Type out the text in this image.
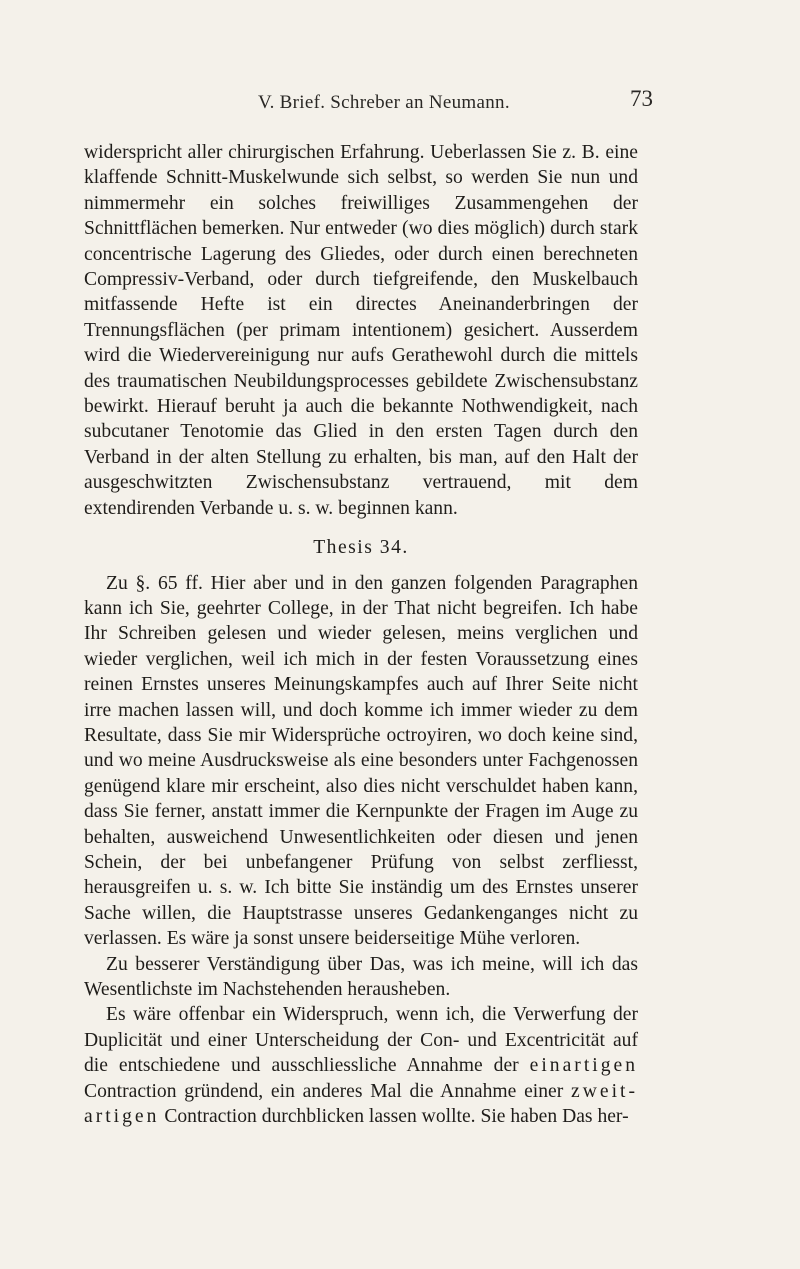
V. Brief. Schreber an Neumann.	73

widerspricht aller chirurgischen Erfahrung. Ueberlassen Sie z. B. eine klaffende Schnitt-Muskelwunde sich selbst, so werden Sie nun und nimmermehr ein solches freiwilliges Zusammengehen der Schnittflächen bemerken. Nur entweder (wo dies möglich) durch stark concentrische Lagerung des Gliedes, oder durch einen berechneten Compressiv-Verband, oder durch tiefgreifende, den Muskelbauch mitfassende Hefte ist ein directes Aneinanderbringen der Trennungsflächen (per primam intentionem) gesichert. Ausserdem wird die Wiedervereinigung nur aufs Gerathewohl durch die mittels des traumatischen Neubildungsprocesses gebildete Zwischensubstanz bewirkt. Hierauf beruht ja auch die bekannte Nothwendigkeit, nach subcutaner Tenotomie das Glied in den ersten Tagen durch den Verband in der alten Stellung zu erhalten, bis man, auf den Halt der ausgeschwitzten Zwischensubstanz vertrauend, mit dem extendirenden Verbande u. s. w. beginnen kann.

Thesis 34.

Zu §. 65 ff. Hier aber und in den ganzen folgenden Paragraphen kann ich Sie, geehrter College, in der That nicht begreifen. Ich habe Ihr Schreiben gelesen und wieder gelesen, meins verglichen und wieder verglichen, weil ich mich in der festen Voraussetzung eines reinen Ernstes unseres Meinungskampfes auch auf Ihrer Seite nicht irre machen lassen will, und doch komme ich immer wieder zu dem Resultate, dass Sie mir Widersprüche octroyiren, wo doch keine sind, und wo meine Ausdrucksweise als eine besonders unter Fachgenossen genügend klare mir erscheint, also dies nicht verschuldet haben kann, dass Sie ferner, anstatt immer die Kernpunkte der Fragen im Auge zu behalten, ausweichend Unwesentlichkeiten oder diesen und jenen Schein, der bei unbefangener Prüfung von selbst zerfliesst, herausgreifen u. s. w. Ich bitte Sie inständig um des Ernstes unserer Sache willen, die Hauptstrasse unseres Gedankenganges nicht zu verlassen. Es wäre ja sonst unsere beiderseitige Mühe verloren.

Zu besserer Verständigung über Das, was ich meine, will ich das Wesentlichste im Nachstehenden herausheben.

Es wäre offenbar ein Widerspruch, wenn ich, die Verwerfung der Duplicität und einer Unterscheidung der Con- und Excentricität auf die entschiedene und ausschliessliche Annahme der einartigen Contraction gründend, ein anderes Mal die Annahme einer zweit-artigen Contraction durchblicken lassen wollte. Sie haben Das her-
